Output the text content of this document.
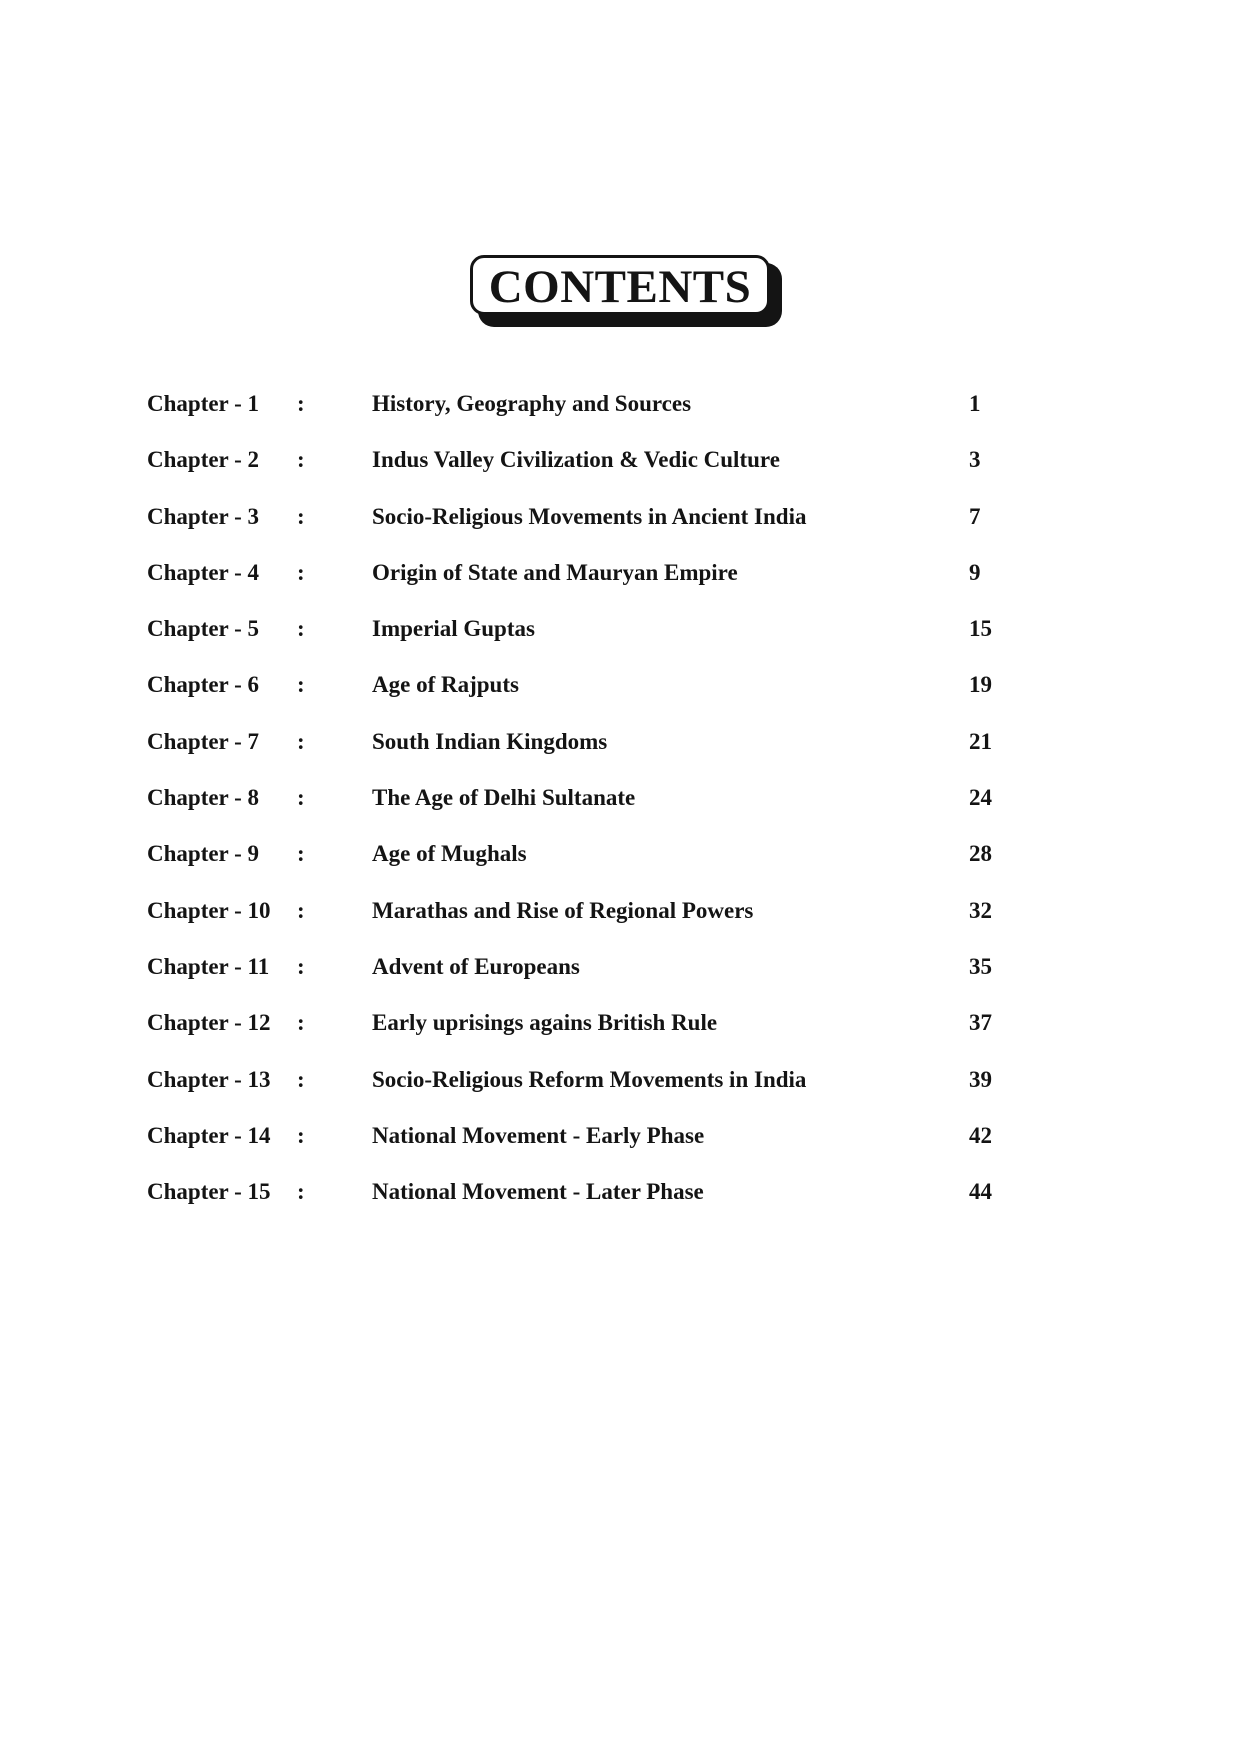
CONTENTS
Chapter - 1 :	History, Geography and Sources	1
Chapter - 2 :	Indus Valley Civilization & Vedic Culture	3
Chapter - 3 :	Socio-Religious Movements in Ancient India	7
Chapter - 4 :	Origin of State and Mauryan Empire	9
Chapter - 5 :	Imperial Guptas	15
Chapter - 6 :	Age of Rajputs	19
Chapter - 7 :	South Indian Kingdoms	21
Chapter - 8 :	The Age of Delhi Sultanate	24
Chapter - 9 :	Age of Mughals	28
Chapter - 10 :	Marathas and Rise of Regional Powers	32
Chapter - 11 :	Advent of Europeans	35
Chapter - 12 :	Early uprisings agains British Rule	37
Chapter - 13 :	Socio-Religious Reform Movements in India	39
Chapter - 14 :	National Movement - Early Phase	42
Chapter - 15 :	National Movement - Later Phase	44
